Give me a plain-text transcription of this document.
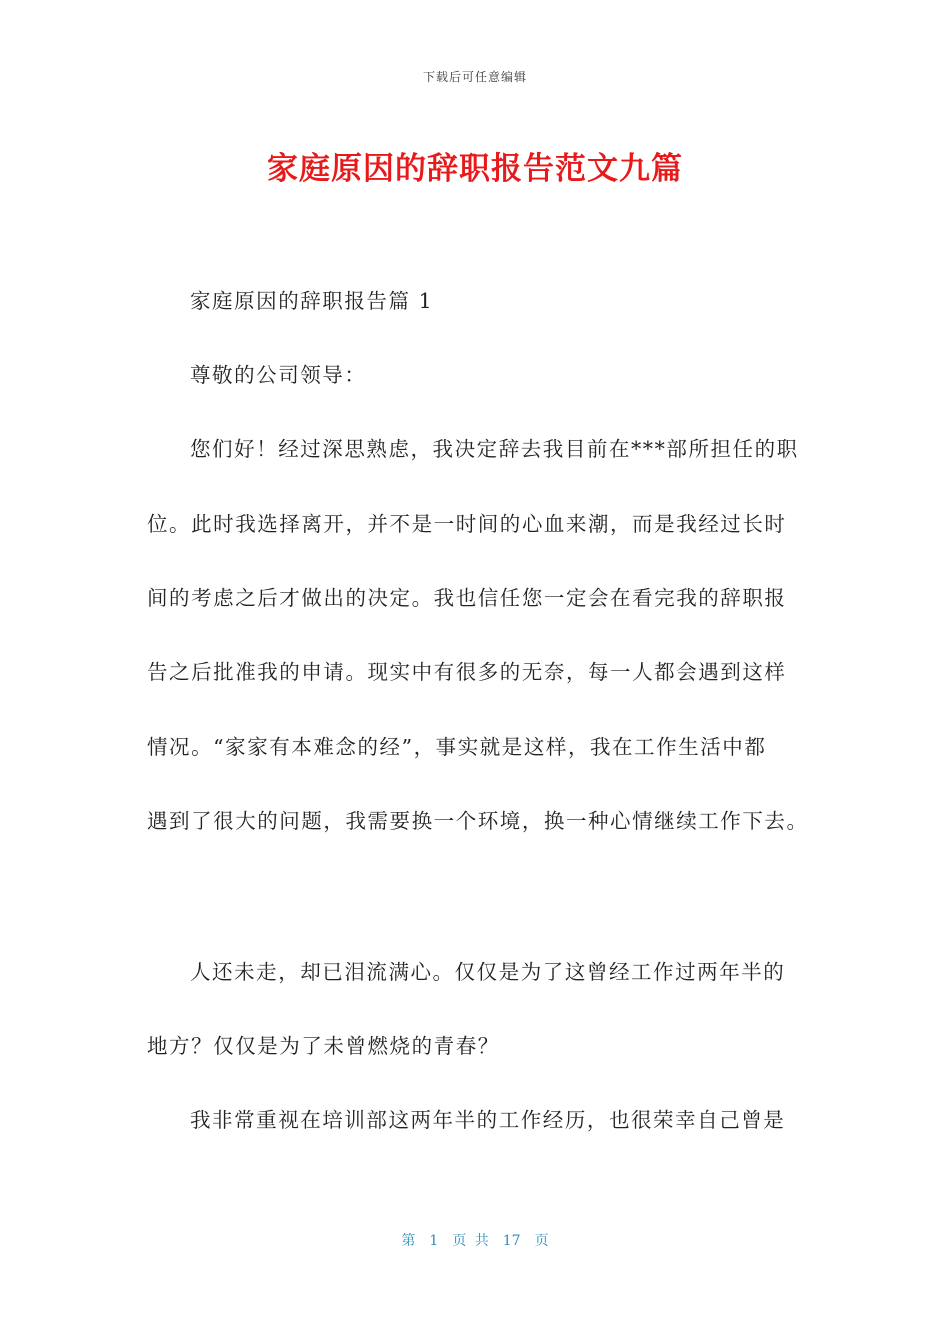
下载后可任意编辑
家庭原因的辞职报告范文九篇
家庭原因的辞职报告篇 1
尊敬的公司领导：
您们好！经过深思熟虑，我决定辞去我目前在***部所担任的职
位。此时我选择离开，并不是一时间的心血来潮，而是我经过长时
间的考虑之后才做出的决定。我也信任您一定会在看完我的辞职报
告之后批准我的申请。现实中有很多的无奈，每一人都会遇到这样
情况。“家家有本难念的经”，事实就是这样，我在工作生活中都
遇到了很大的问题，我需要换一个环境，换一种心情继续工作下去。
人还未走，却已泪流满心。仅仅是为了这曾经工作过两年半的
地方？仅仅是为了未曾燃烧的青春？
我非常重视在培训部这两年半的工作经历，也很荣幸自己曾是
第 1 页 共 17 页
